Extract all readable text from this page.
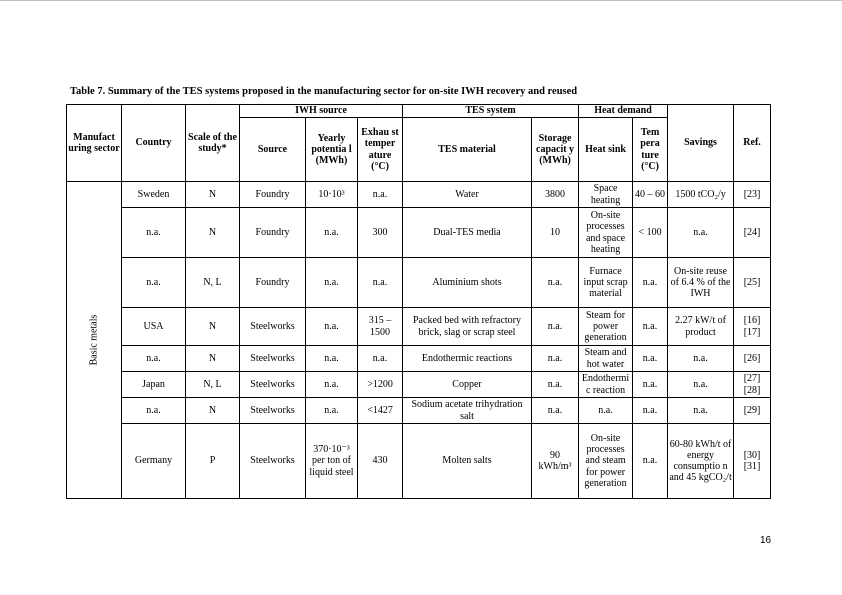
Table 7. Summary of the TES systems proposed in the manufacturing sector for on-site IWH recovery and reused
Manufact uring sector	Country	Scale of the study*	IWH source			TES system		Heat demand		Savings	Ref.
			Source	Yearly potentia l (MWh)	Exhau st temper ature (°C)	TES material	Storage capacit y (MWh)	Heat sink	Tem pera ture (°C)		

Basic metals	Sweden	N	Foundry	10·10³	n.a.	Water	3800	Space heating	40 – 60	1500 tCO₂/y	[23]
	n.a.	N	Foundry	n.a.	300	Dual-TES media	10	On-site processes and space heating	< 100	n.a.	[24]
	n.a.	N, L	Foundry	n.a.	n.a.	Aluminium shots	n.a.	Furnace input scrap material	n.a.	On-site reuse of 6.4 % of the IWH	[25]
	USA	N	Steelworks	n.a.	315 – 1500	Packed bed with refractory brick, slag or scrap steel	n.a.	Steam for power generation	n.a.	2.27 kW/t of product	[16] [17]
	n.a.	N	Steelworks	n.a.	n.a.	Endothermic reactions	n.a.	Steam and hot water	n.a.	n.a.	[26]
	Japan	N, L	Steelworks	n.a.	>1200	Copper	n.a.	Endothermi c reaction	n.a.	n.a.	[27] [28]
	n.a.	N	Steelworks	n.a.	<1427	Sodium acetate trihydration salt	n.a.	n.a.	n.a.	n.a.	[29]
	Germany	P	Steelworks	370·10⁻³ per ton of liquid steel	430	Molten salts	90 kWh/m³	On-site processes and steam for power generation	n.a.	60-80 kWh/t of energy consumptio n and 45 kgCO₂/t	[30] [31]
16
